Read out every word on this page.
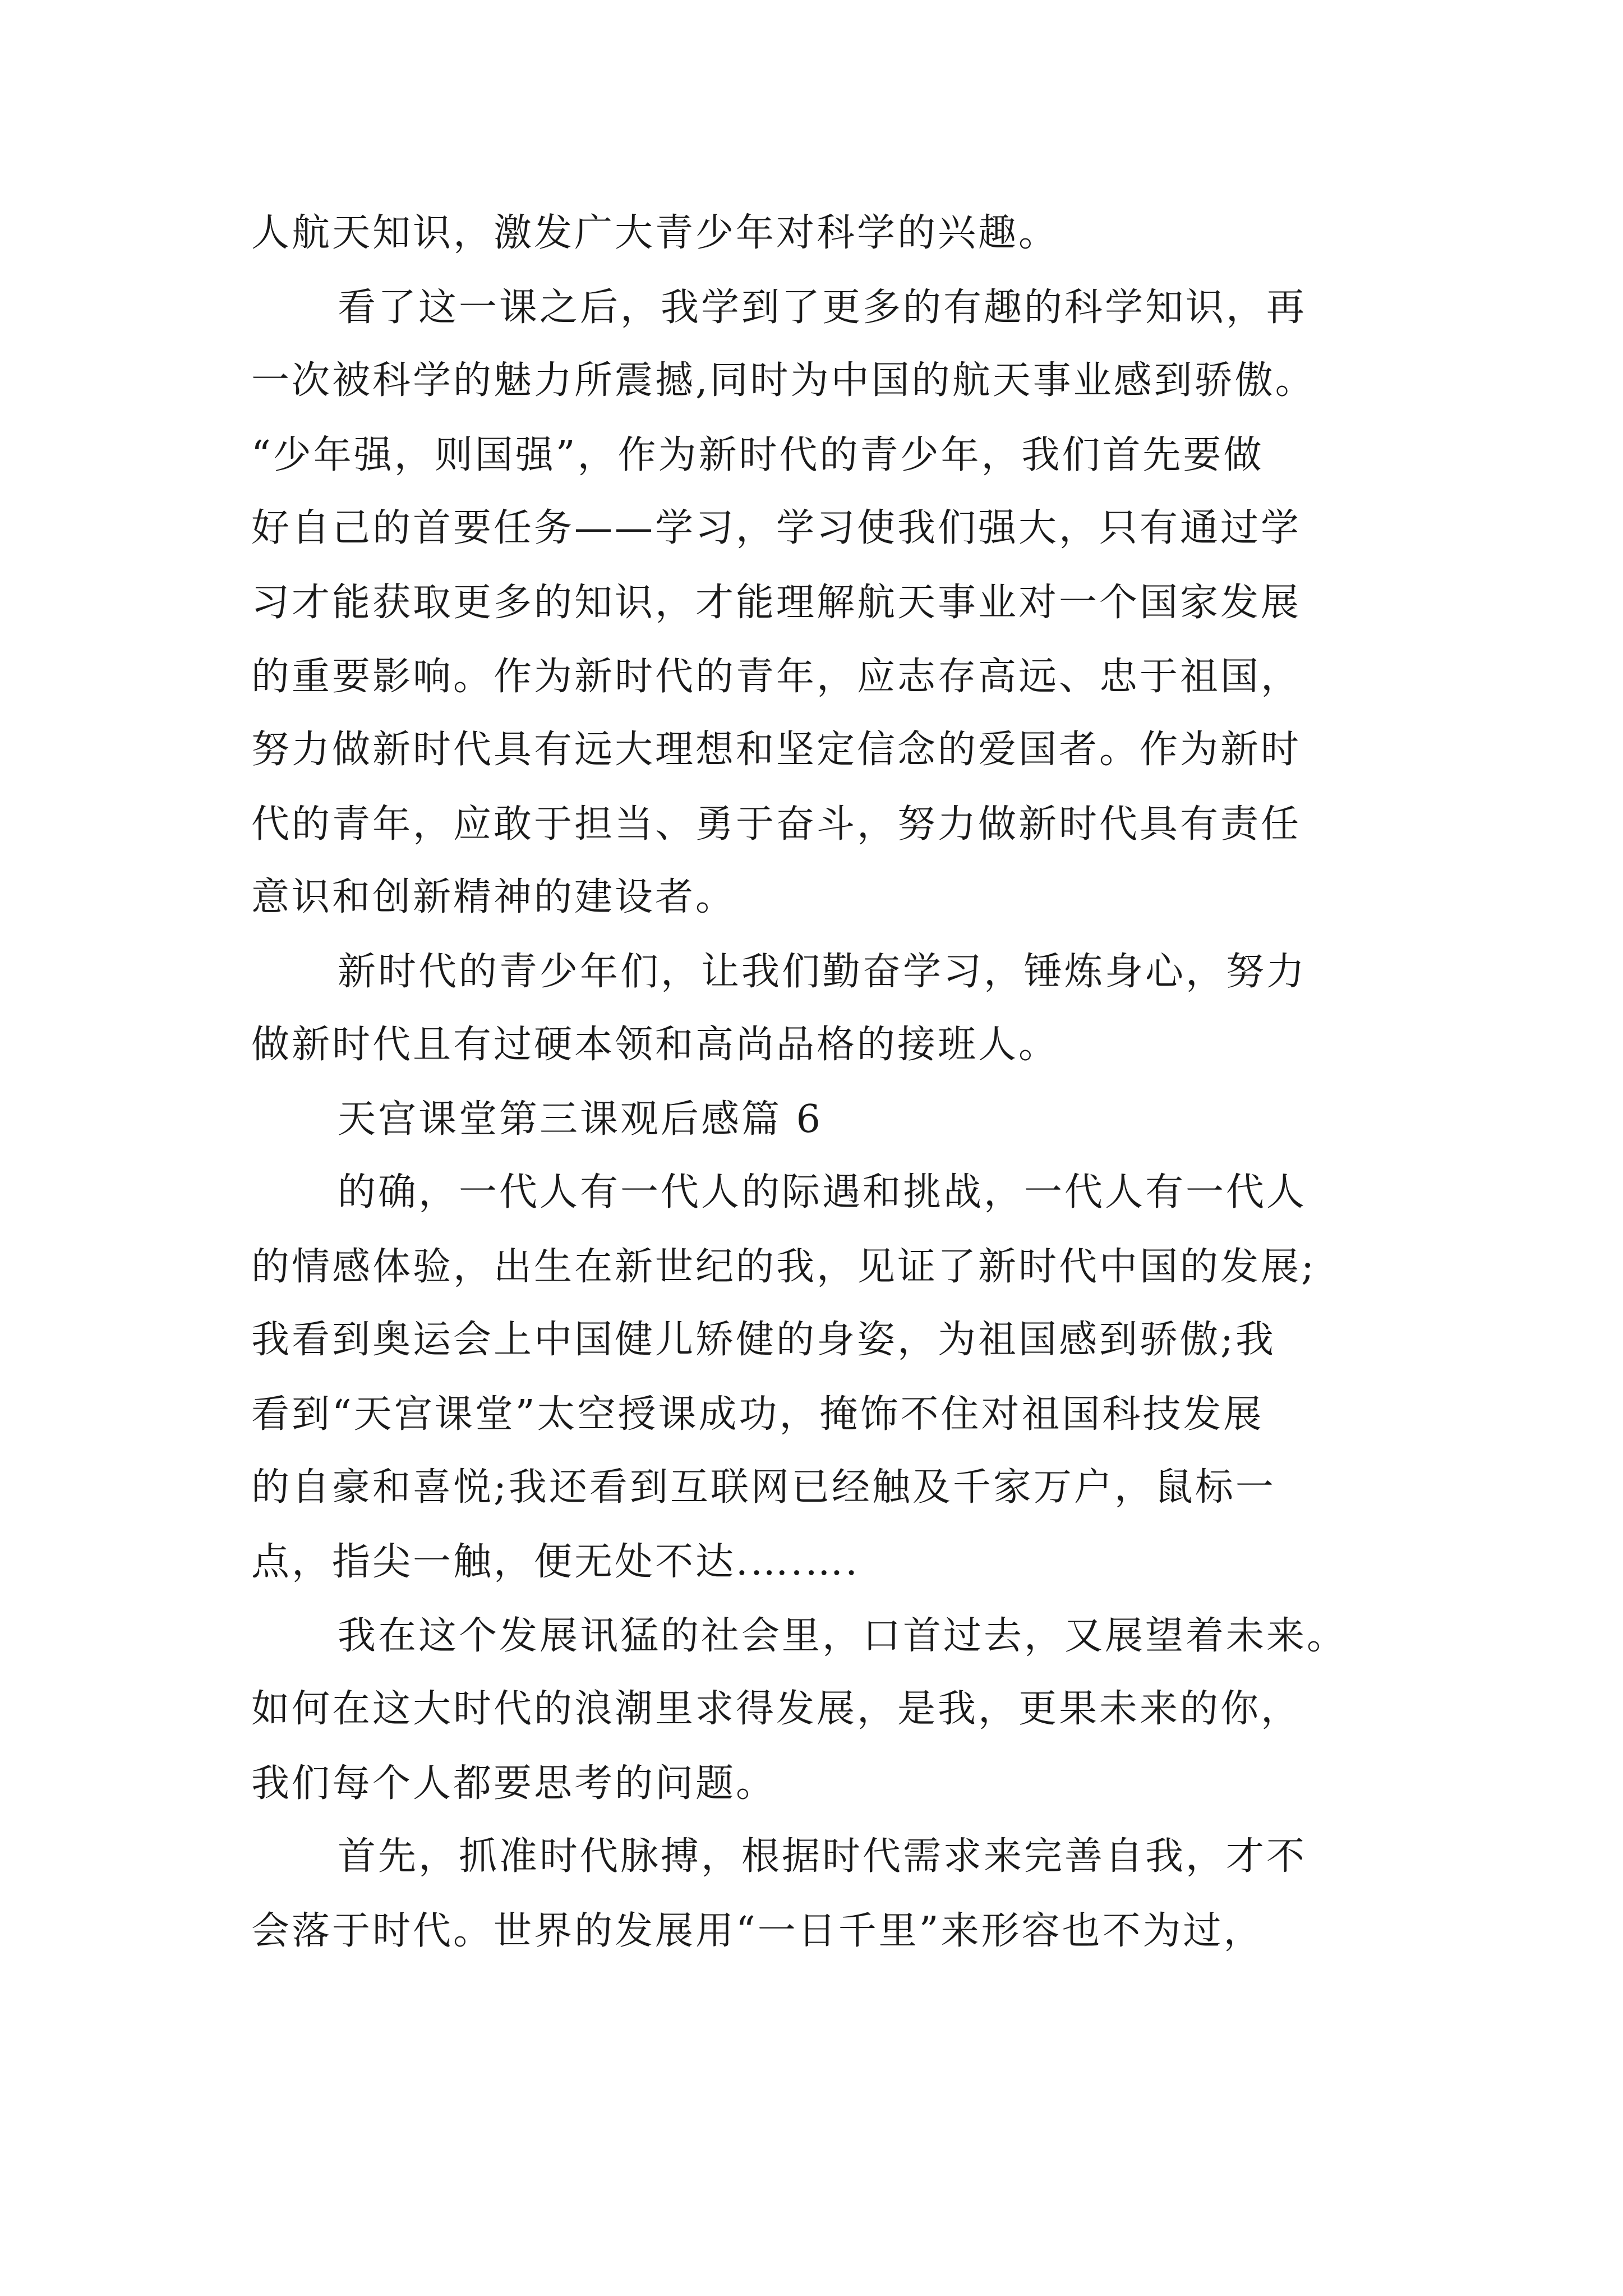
人航天知识，激发广大青少年对科学的兴趣。
看了这一课之后，我学到了更多的有趣的科学知识，再
一次被科学的魅力所震撼,同时为中国的航天事业感到骄傲。
“少年强，则国强”，作为新时代的青少年，我们首先要做
好自己的首要任务——学习，学习使我们强大，只有通过学
习才能获取更多的知识，才能理解航天事业对一个国家发展
的重要影响。作为新时代的青年，应志存高远、忠于祖国，
努力做新时代具有远大理想和坚定信念的爱国者。作为新时
代的青年，应敢于担当、勇于奋斗，努力做新时代具有责任
意识和创新精神的建设者。
新时代的青少年们，让我们勤奋学习，锤炼身心，努力
做新时代且有过硬本领和高尚品格的接班人。
天宫课堂第三课观后感篇 6
的确，一代人有一代人的际遇和挑战，一代人有一代人
的情感体验，出生在新世纪的我，见证了新时代中国的发展;
我看到奥运会上中国健儿矫健的身姿，为祖国感到骄傲;我
看到“天宫课堂”太空授课成功，掩饰不住对祖国科技发展
的自豪和喜悦;我还看到互联网已经触及千家万户，鼠标一
点，指尖一触，便无处不达.….….
我在这个发展讯猛的社会里，口首过去，又展望着未来。
如何在这大时代的浪潮里求得发展，是我，更果未来的你，
我们每个人都要思考的问题。
首先，抓准时代脉搏，根据时代需求来完善自我，才不
会落于时代。世界的发展用“一日千里”来形容也不为过，
